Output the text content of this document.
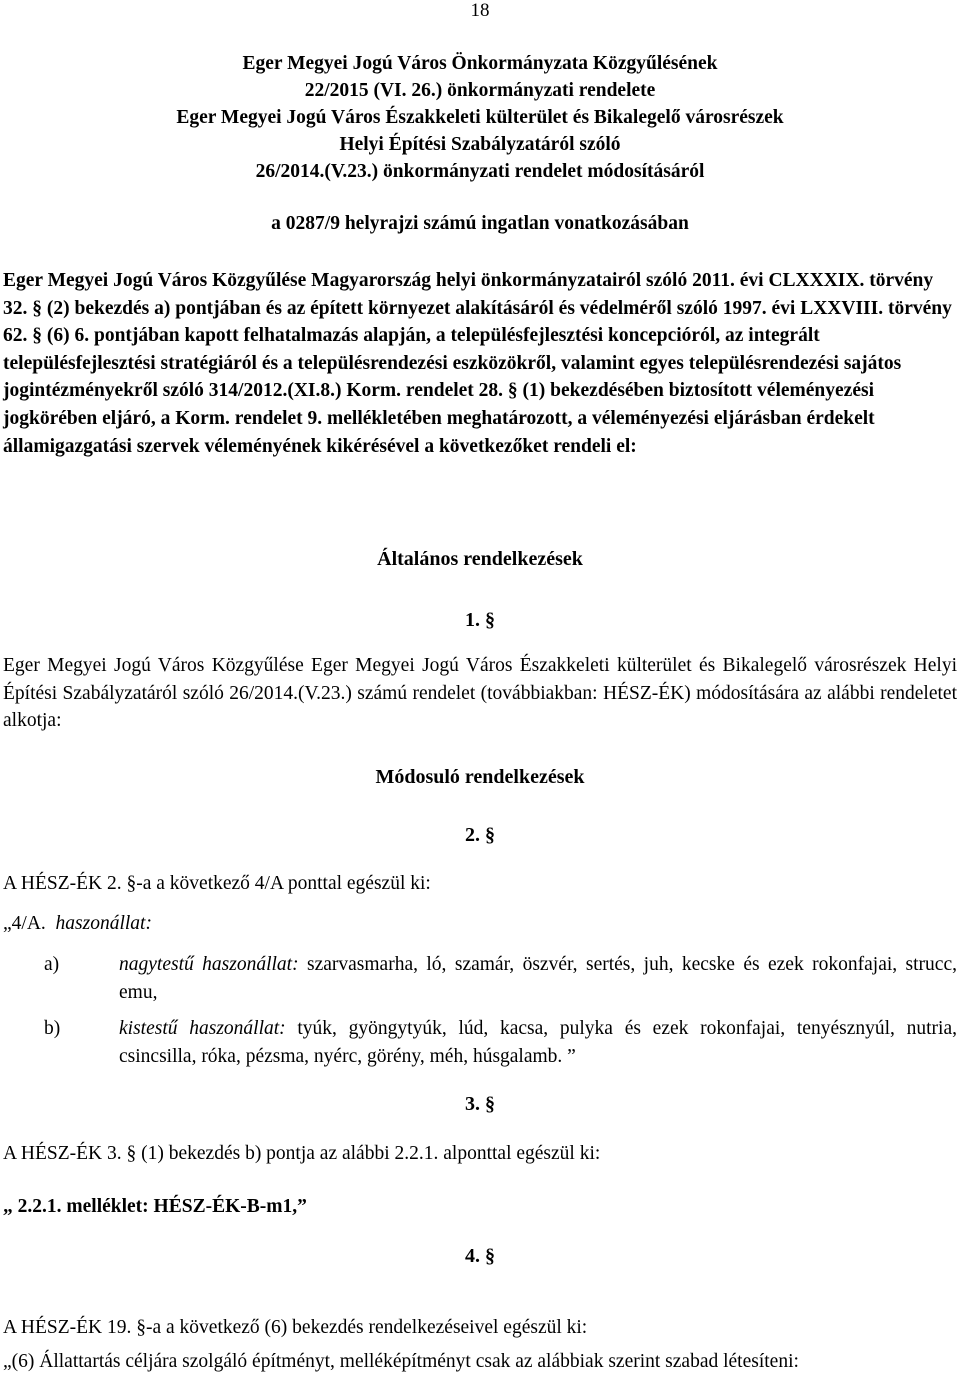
18
Eger Megyei Jogú Város Önkormányzata Közgyűlésének
22/2015 (VI. 26.) önkormányzati rendelete
Eger Megyei Jogú Város Északkeleti külterület és Bikalegelő városrészek
Helyi Építési Szabályzatáról szóló
26/2014.(V.23.) önkormányzati rendelet módosításáról
a 0287/9 helyrajzi számú ingatlan vonatkozásában
Eger Megyei Jogú Város Közgyűlése Magyarország helyi önkormányzatairól szóló 2011. évi CLXXXIX. törvény 32. § (2) bekezdés a) pontjában és az épített környezet alakításáról és védelméről szóló 1997. évi LXXVIII. törvény 62. § (6) 6. pontjában kapott felhatalmazás alapján, a településfejlesztési koncepcióról, az integrált településfejlesztési stratégiáról és a településrendezési eszközökről, valamint egyes településrendezési sajátos jogintézményekről szóló 314/2012.(XI.8.) Korm. rendelet 28. § (1) bekezdésében biztosított véleményezési jogkörében eljáró, a Korm. rendelet 9. mellékletében meghatározott, a véleményezési eljárásban érdekelt államigazgatási szervek véleményének kikérésével a következőket rendeli el:
Általános rendelkezések
1. §
Eger Megyei Jogú Város Közgyűlése Eger Megyei Jogú Város Északkeleti külterület és Bikalegelő városrészek Helyi Építési Szabályzatáról szóló 26/2014.(V.23.) számú rendelet (továbbiakban: HÉSZ-ÉK) módosítására az alábbi rendeletet alkotja:
Módosuló rendelkezések
2. §
A HÉSZ-ÉK 2. §-a a következő 4/A ponttal egészül ki:
„4/A. haszonállat:
a)	nagytestű haszonállat: szarvasmarha, ló, szamár, öszvér, sertés, juh, kecske és ezek rokonfajai, strucc, emu,
b)	kistestű haszonállat: tyúk, gyöngytyúk, lúd, kacsa, pulyka és ezek rokonfajai, tenyésznyúl, nutria, csincsilla, róka, pézsma, nyérc, görény, méh, húsgalamb. ”
3. §
A HÉSZ-ÉK 3. § (1) bekezdés b) pontja az alábbi 2.2.1. alponttal egészül ki:
„ 2.2.1. melléklet: HÉSZ-ÉK-B-m1,”
4. §
A HÉSZ-ÉK 19. §-a a következő (6) bekezdés rendelkezéseivel egészül ki:
„(6) Állattartás céljára szolgáló építményt, melléképítményt csak az alábbiak szerint szabad létesíteni:
